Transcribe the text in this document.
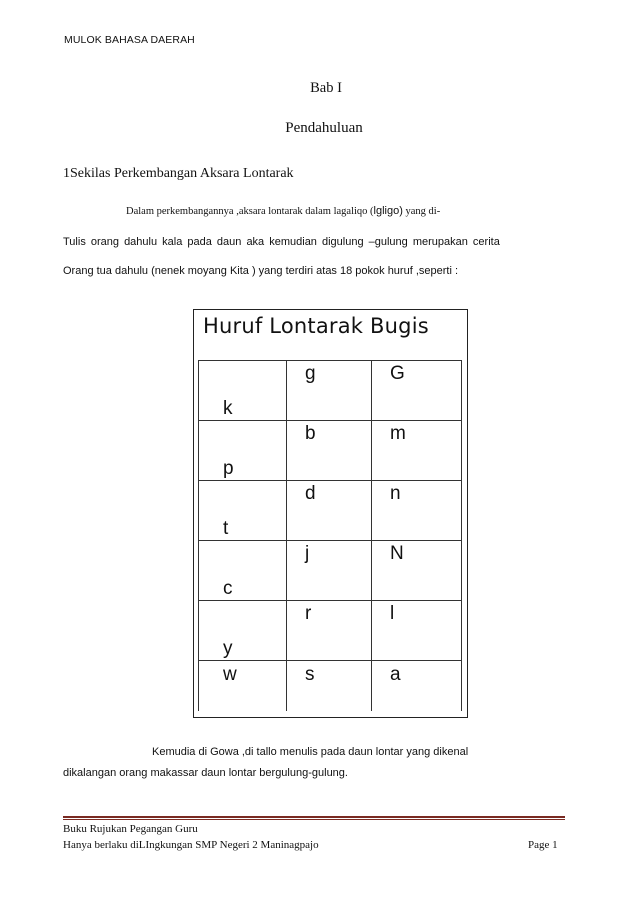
MULOK BAHASA DAERAH
Bab I
Pendahuluan
1Sekilas Perkembangan Aksara Lontarak
Dalam perkembangannya ,aksara lontarak dalam lagaliqo (lgligo) yang di-
Tulis orang dahulu kala pada daun aka kemudian digulung –gulung merupakan cerita
Orang tua dahulu (nenek moyang Kita ) yang terdiri atas 18 pokok huruf ,seperti :
Huruf Lontarak Bugis
k	g	G

p	b	m

t	d	n

c	j	N

y	r	l

w	s	a
Kemudia di Gowa ,di tallo menulis pada daun lontar yang dikenal
dikalangan orang makassar daun lontar bergulung-gulung.
Buku Rujukan Pegangan Guru
Hanya berlaku diLIngkungan SMP Negeri 2 Maninagpajo	Page 1
